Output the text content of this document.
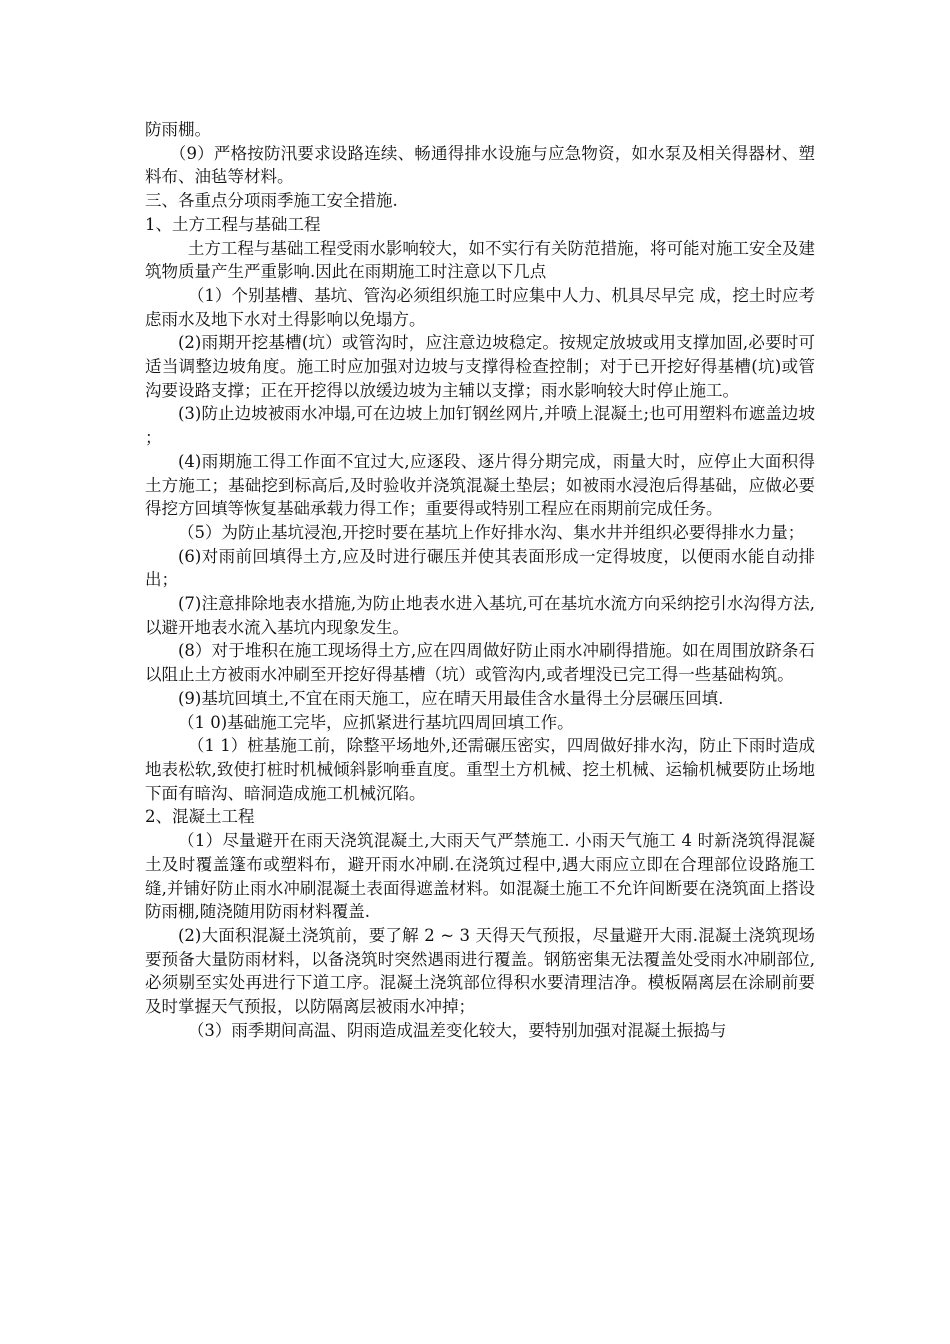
防雨棚。

（9）严格按防汛要求设路连续、畅通得排水设施与应急物资，如水泵及相关得器材、塑料布、油毡等材料。

三、各重点分项雨季施工安全措施.

1、土方工程与基础工程

土方工程与基础工程受雨水影响较大，如不实行有关防范措施，将可能对施工安全及建筑物质量产生严重影响.因此在雨期施工时注意以下几点

（1）个别基槽、基坑、管沟必须组织施工时应集中人力、机具尽早完 成，挖土时应考虑雨水及地下水对土得影响以免塌方。

(2)雨期开挖基槽(坑）或管沟时，应注意边坡稳定。按规定放坡或用支撑加固,必要时可适当调整边坡角度。施工时应加强对边坡与支撑得检查控制；对于已开挖好得基槽(坑)或管沟要设路支撑；正在开挖得以放缓边坡为主辅以支撑；雨水影响较大时停止施工。

(3)防止边坡被雨水冲塌,可在边坡上加钉钢丝网片,并喷上混凝土;也可用塑料布遮盖边坡；

(4)雨期施工得工作面不宜过大,应逐段、逐片得分期完成，雨量大时，应停止大面积得土方施工；基础挖到标高后,及时验收并浇筑混凝土垫层；如被雨水浸泡后得基础，应做必要得挖方回填等恢复基础承载力得工作；重要得或特别工程应在雨期前完成任务。

（5）为防止基坑浸泡,开挖时要在基坑上作好排水沟、集水井并组织必要得排水力量；

(6)对雨前回填得土方,应及时进行碾压并使其表面形成一定得坡度，以便雨水能自动排出；

(7)注意排除地表水措施,为防止地表水进入基坑,可在基坑水流方向采纳挖引水沟得方法,以避开地表水流入基坑内现象发生。

(8）对于堆积在施工现场得土方,应在四周做好防止雨水冲刷得措施。如在周围放跻条石以阻止土方被雨水冲刷至开挖好得基槽（坑）或管沟内,或者埋没已完工得一些基础构筑。

(9)基坑回填土,不宜在雨天施工，应在晴天用最佳含水量得土分层碾压回填.

（1 0)基础施工完毕，应抓紧进行基坑四周回填工作。

（1 1）桩基施工前，除整平场地外,还需碾压密实，四周做好排水沟，防止下雨时造成地表松软,致使打桩时机械倾斜影响垂直度。重型土方机械、挖土机械、运输机械要防止场地下面有暗沟、暗洞造成施工机械沉陷。

2、混凝土工程

（1）尽量避开在雨天浇筑混凝土,大雨天气严禁施工. 小雨天气施工 4 时新浇筑得混凝土及时覆盖篷布或塑料布，避开雨水冲刷.在浇筑过程中,遇大雨应立即在合理部位设路施工缝,并铺好防止雨水冲刷混凝土表面得遮盖材料。如混凝土施工不允许间断要在浇筑面上搭设防雨棚,随浇随用防雨材料覆盖.

(2)大面积混凝土浇筑前，要了解 2 ~ 3 天得天气预报，尽量避开大雨.混凝土浇筑现场要预备大量防雨材料，以备浇筑时突然遇雨进行覆盖。钢筋密集无法覆盖处受雨水冲刷部位,必须剔至实处再进行下道工序。混凝土浇筑部位得积水要清理洁净。模板隔离层在涂刷前要及时掌握天气预报，以防隔离层被雨水冲掉；

（3）雨季期间高温、阴雨造成温差变化较大，要特别加强对混凝土振捣与
